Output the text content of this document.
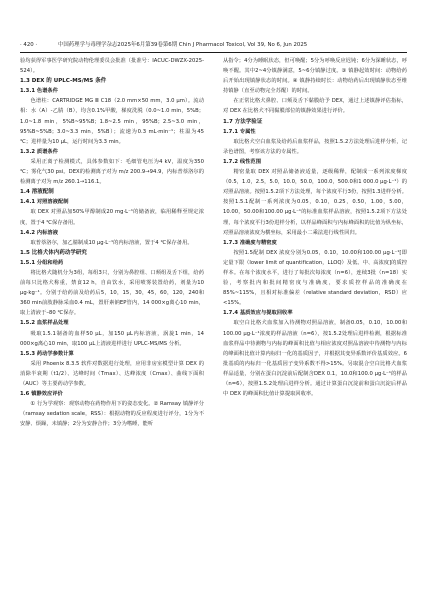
· 420 ·	中国药理学与毒理学杂志2025年6月第39卷第6期 Chin J Pharmacol Toxicol, Vol 39, No 6, Jun 2025

验均获得军事医学研究院动物伦理委员会批准（批准号：IACUC-DWZX-2025-524）。

1.3 DEX 的 UPLC-MS/MS 条件
1.3.1 色谱条件

色谱柱：CARTRIDGE MG Ⅲ C18（2.0 mm×50 mm，3.0 μm）。流动相：水（A）-乙腈（B），均含0.1%甲酸，梯度洗脱（0.0~1.0 min，5%B；1.0~1.8 min，5%B~95%B；1.8~2.5 min，95%B；2.5~3.0 min，95%B~5%B；3.0~3.3 min，5%B）；流速为0.3 mL·min⁻¹；柱温为45 ℃；进样量为10 μL，运行时间为3.3 min。

1.3.2 质谱条件

采用正离子检测模式，具体参数如下：毛细管电压为4 kV，温度为350 ℃；雾化气30 psi。DEX的检测离子对为 m/z 200.9→94.9，内标普萘洛尔的检测离子对为 m/z 260.1→116.1。

1.4 溶液配制
1.4.1 对照溶液配制

取 DEX 对照品加50%甲醇制成20 mg·L⁻¹的储备液，临用稀释至规定浓度，置于4 ℃保存备用。

1.4.2 内标溶液

取普萘洛尔，加乙腈制成10 μg·L⁻¹的内标溶液，置于4 ℃保存备用。

1.5 比格犬体内药动学研究
1.5.1 分组和给药

将比格犬随机分为3组，每组3只，分别为鼻腔组、口颊组及舌下组，给药前每只比格犬称重，禁食12 h，自由饮水，采用喷雾装置给药，剂量为10 μg·kg⁻¹。分别于给药前及给药后5，10，15，30，45，60，120，240和360 min前肢静脉采血0.4 mL，置肝素钠EP管内，14 000×g离心10 min，取上清液于–80 ℃保存。

1.5.2 血浆样品处理

吸取1.5.1制备的血样50 μL，加150 μL内标溶液，涡旋1 min，14 000×g离心10 min，取100 μL上清液进样进行 UPLC-MS/MS 分析。

1.5.3 药动学参数计算

采用 Phoenix 8.3.5 软件对数据进行处理，应用非房室模型计算 DEX 的消除半衰期（t1/2）、达峰时间（Tmax）、达峰浓度（Cmax）、曲线下面积（AUC）等主要药动学参数。

1.6 镇静效应评价

① 行为学观察：观察动物在药物作用下的姿态变化。② Ramsay 镇静评分（ramsay sedation scale，RSS）：根据动物的反应程度进行评分，1分为不安静、烦躁，未镇静；2分为安静合作；3分为嗜睡，能听

从指令；4分为睡眠状态，但可唤醒；5分为呼唤反应迟钝；6分为深睡状态，呼唤不醒。其中2~4分镇静满意，5~6分镇静过度。③ 镇静起效时间：动物给药后开始出现镇静状态的时间。④ 镇静持续时长：动物给药后出现镇静状态至维持镇静（直至动物完全苏醒）的时间。

在正常比格犬鼻腔、口颊及舌下黏膜给予 DEX，通过上述镇静评估指标，对 DEX 在比格犬不同黏膜部位的镇静效果进行评价。

1.7 方法学验证
1.7.1 专属性

取比格犬空白血浆及给药后血浆样品，按照1.5.2方法处理后进样分析，记录色谱图，考察该方法的专属性。

1.7.2 线性范围

精密量取 DEX 对照品储备液适量，逐级稀释，配制成一系列浓度梯度（0.5，1.0，2.5，5.0，10.0，50.0，100.0，500.0和1 000.0 μg·L⁻¹）的对照品溶液。按照1.5.2项下方法处理，每个浓度平行3份，按照1.3进样分析。按照1.5.1配制一系列浓度为0.05，0.10，0.25，0.50，1.00，5.00，10.00，50.00和100.00 μg·L⁻¹的标准血浆样品溶液，按照1.5.2项下方法处理，每个浓度平行3份进样分析，以样品峰面积与内标峰面积的比值为纵坐标，对照品溶液浓度为横坐标，采用最小二乘法进行线性回归。

1.7.3 准确度与精密度

按照1.5配制 DEX 浓度分别为0.05，0.10，10.00和100.00 μg·L⁻¹[即定量下限（lower limit of quantification，LLOQ）及低、中、高浓度]的质控样本。在每个浓度水平，进行了每批次每浓度（n=6），连续3批（n=18）实验，考察批内和批间精密度与准确度，要求质控样品的准确度在85%~115%，且相对标准偏差（relative standard deviation，RSD）应<15%。

1.7.4 基质效应与提取回收率

取空白比格犬血浆加入待测物对照品溶液，制备0.05，0.10，10.00和100.00 μg·L⁻¹浓度的样品溶液（n=6），按1.5.2处理后进样检测，根据标准血浆样品中待测物与内标的峰面积比值与相应浓度对照品溶液中待测物与内标的峰面积比值计算内标归一化的基质因子，并根据其变异系数评价基质效应。6批基质的内标归一化基质因子变异系数不得>15%。另取混合空白比格犬血浆样品适量，分别在蛋白沉淀前后配制含DEX 0.1，10.0和100.0 μg·L⁻¹的样品（n=6），按照1.5.2处理后进样分析。通过计算蛋白沉淀前和蛋白沉淀后样品中 DEX 的峰面积比值计算提取回收率。
